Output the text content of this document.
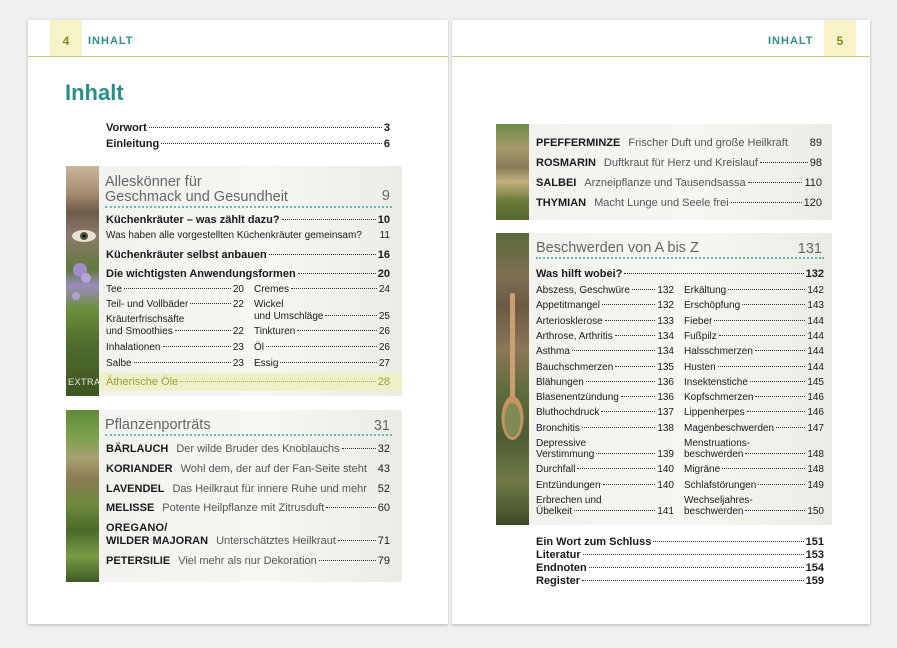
4	INHALT
Inhalt
Vorwort	3
Einleitung	6
Alleskönner für
Geschmack und Gesundheit	9
Küchenkräuter – was zählt dazu?	10
Was haben alle vorgestellten Küchenkräuter gemeinsam? 11
Küchenkräuter selbst anbauen	16
Die wichtigsten Anwendungsformen	20
Tee	20
Teil- und Vollbäder	22
Kräuterfrischsäfte
und Smoothies	22
Inhalationen	23
Salbe	23
Cremes	24
Wickel
und Umschläge	25
Tinkturen	26
Öl	26
Essig	27
EXTRA Ätherische Öle	28
Pflanzenporträts	31
BÄRLAUCH Der wilde Bruder des Knoblauchs	32
KORIANDER Wohl dem, der auf der Fan-Seite steht 43
LAVENDEL Das Heilkraut für innere Ruhe und mehr 52
MELISSE Potente Heilpflanze mit Zitrusduft	60
OREGANO/
WILDER MAJORAN Unterschätztes Heilkraut	71
PETERSILIE Viel mehr als nur Dekoration	79
INHALT	5
PFEFFERMINZE Frischer Duft und große Heilkraft 89
ROSMARIN Duftkraut für Herz und Kreislauf	98
SALBEI Arzneipflanze und Tausendsassa	110
THYMIAN Macht Lunge und Seele frei	120
Beschwerden von A bis Z	131
Was hilft wobei?	132
Abszess, Geschwüre	132
Appetitmangel	132
Arteriosklerose	133
Arthrose, Arthritis	134
Asthma	134
Bauchschmerzen	135
Blähungen	136
Blasenentzündung	136
Bluthochdruck	137
Bronchitis	138
Depressive
Verstimmung	139
Durchfall	140
Entzündungen	140
Erbrechen und
Übelkeit	141
Erkältung	142
Erschöpfung	143
Fieber	144
Fußpilz	144
Halsschmerzen	144
Husten	144
Insektenstiche	145
Kopfschmerzen	146
Lippenherpes	146
Magenbeschwerden	147
Menstruations-
beschwerden	148
Migräne	148
Schlafstörungen	149
Wechseljahres-
beschwerden	150
Ein Wort zum Schluss	151
Literatur	153
Endnoten	154
Register	159
